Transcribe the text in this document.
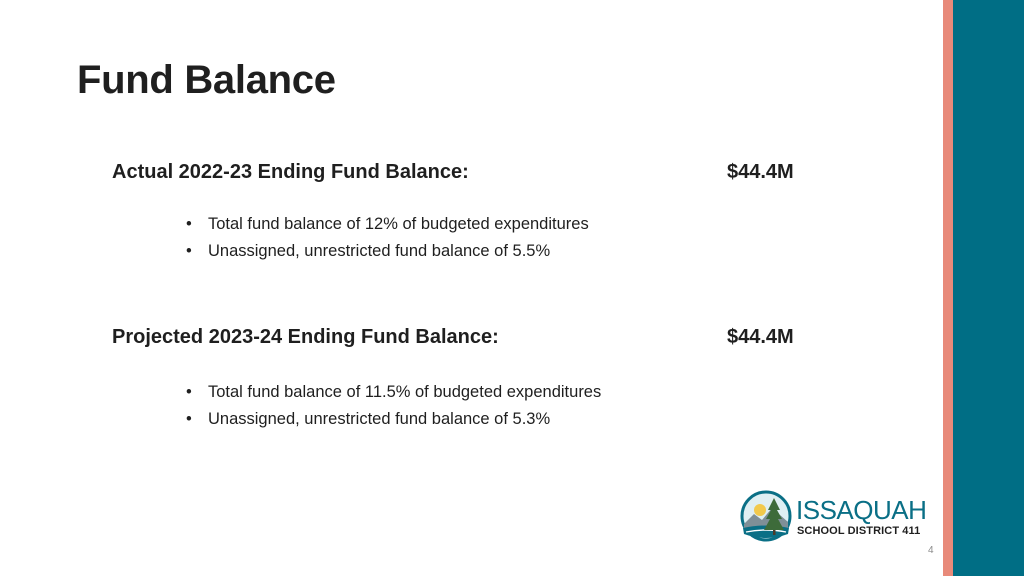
Fund Balance
Actual 2022-23 Ending Fund Balance:	$44.4M
• Total fund balance of 12% of budgeted expenditures
• Unassigned, unrestricted fund balance of 5.5%
Projected 2023-24 Ending Fund Balance:	$44.4M
• Total fund balance of 11.5% of budgeted expenditures
• Unassigned, unrestricted fund balance of 5.3%
ISSAQUAH
SCHOOL DISTRICT 411
4
